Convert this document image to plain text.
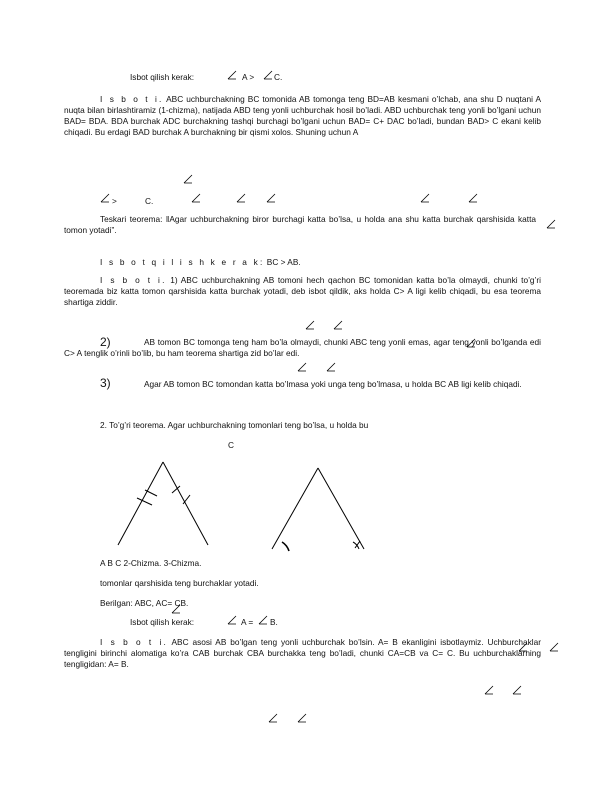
Isbot qilish kerak:	A > C.
I s b o t i. ABC uchburchakning BC tomonida AB tomonga teng BD=AB kesmani o’lchab, ana shu D nuqtani A nuqta bilan birlashtiramiz (1-chizma), natijada ABD teng yonli uchburchak hosil bo’ladi. ABD uchburchak teng yonli bo’lgani uchun BAD= BDA. BDA burchak ADC burchakning tashqi burchagi bo’lgani uchun BAD= C+ DAC bo’ladi, bundan BAD> C ekani kelib chiqadi. Bu erdagi BAD burchak A burchakning bir qismi xolos. Shuning uchun A
>	C.
Teskari teorema: ‖Agar uchburchakning biror burchagi katta bo’lsa, u holda ana shu katta burchak qarshisida katta tomon yotadi”.
I s b o t q i l i s h k e r a k: BC > AB.
I s b o t i. 1) ABC uchburchakning AB tomoni hech qachon BC tomonidan katta bo’la olmaydi, chunki to’g’ri teoremada biz katta tomon qarshisida katta burchak yotadi, deb isbot qildik, aks holda C> A ligi kelib chiqadi, bu esa teorema shartiga ziddir.
2)	AB tomon BC tomonga teng ham bo’la olmaydi, chunki ABC teng yonli emas, agar teng yonli bo’lganda edi C> A tenglik o’rinli bo’lib, bu ham teorema shartiga zid bo’lar edi.
3)	Agar AB tomon BC tomondan katta bo’lmasa yoki unga teng bo’lmasa, u holda BC AB ligi kelib chiqadi.
2. To’g’ri teorema. Agar uchburchakning tomonlari teng bo’lsa, u holda bu
C
A B C 2-Chizma. 3-Chizma.
tomonlar qarshisida teng burchaklar yotadi.
Berilgan: ABC, AC= CB.
Isbot qilish kerak:	A = B.
I s b o t i. ABC asosi AB bo’lgan teng yonli uchburchak bo’lsin. A= B ekanligini isbotlaymiz. Uchburchaklar tengligini birinchi alomatiga ko’ra CAB burchak CBA burchakka teng bo’ladi, chunki CA=CB va C= C. Bu uchburchaklarning tengligidan: A= B.
